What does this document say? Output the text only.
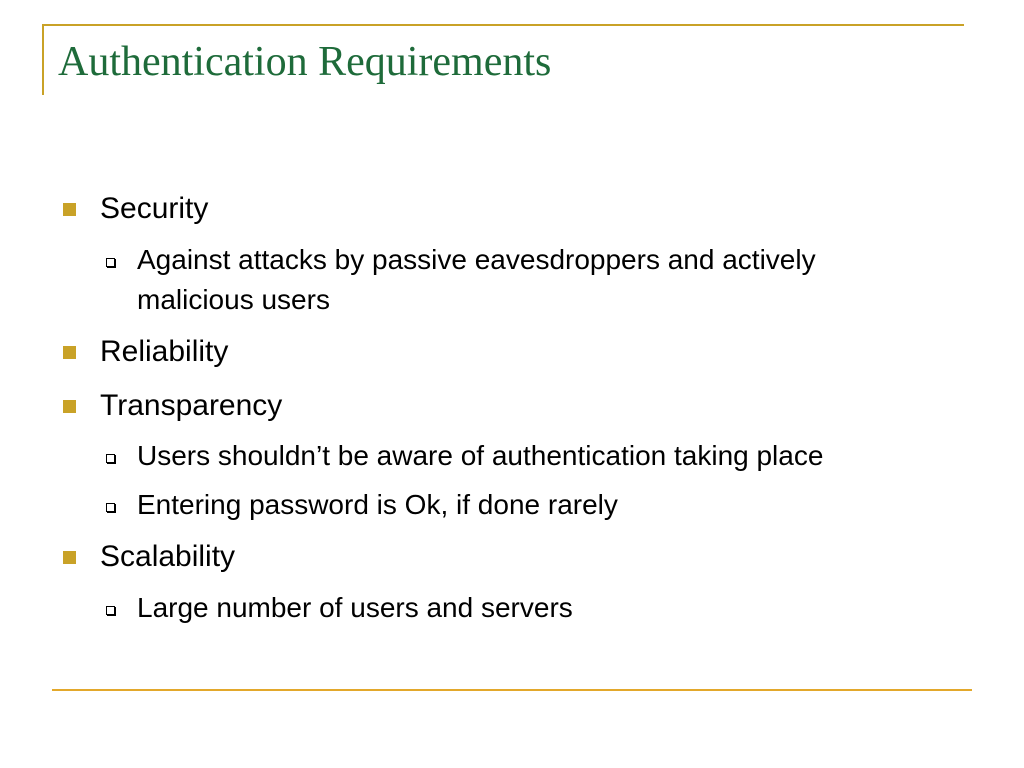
Authentication Requirements
Security
Against attacks by passive eavesdroppers and actively
malicious users
Reliability
Transparency
Users shouldn’t be aware of authentication taking place
Entering password is Ok, if done rarely
Scalability
Large number of users and servers
